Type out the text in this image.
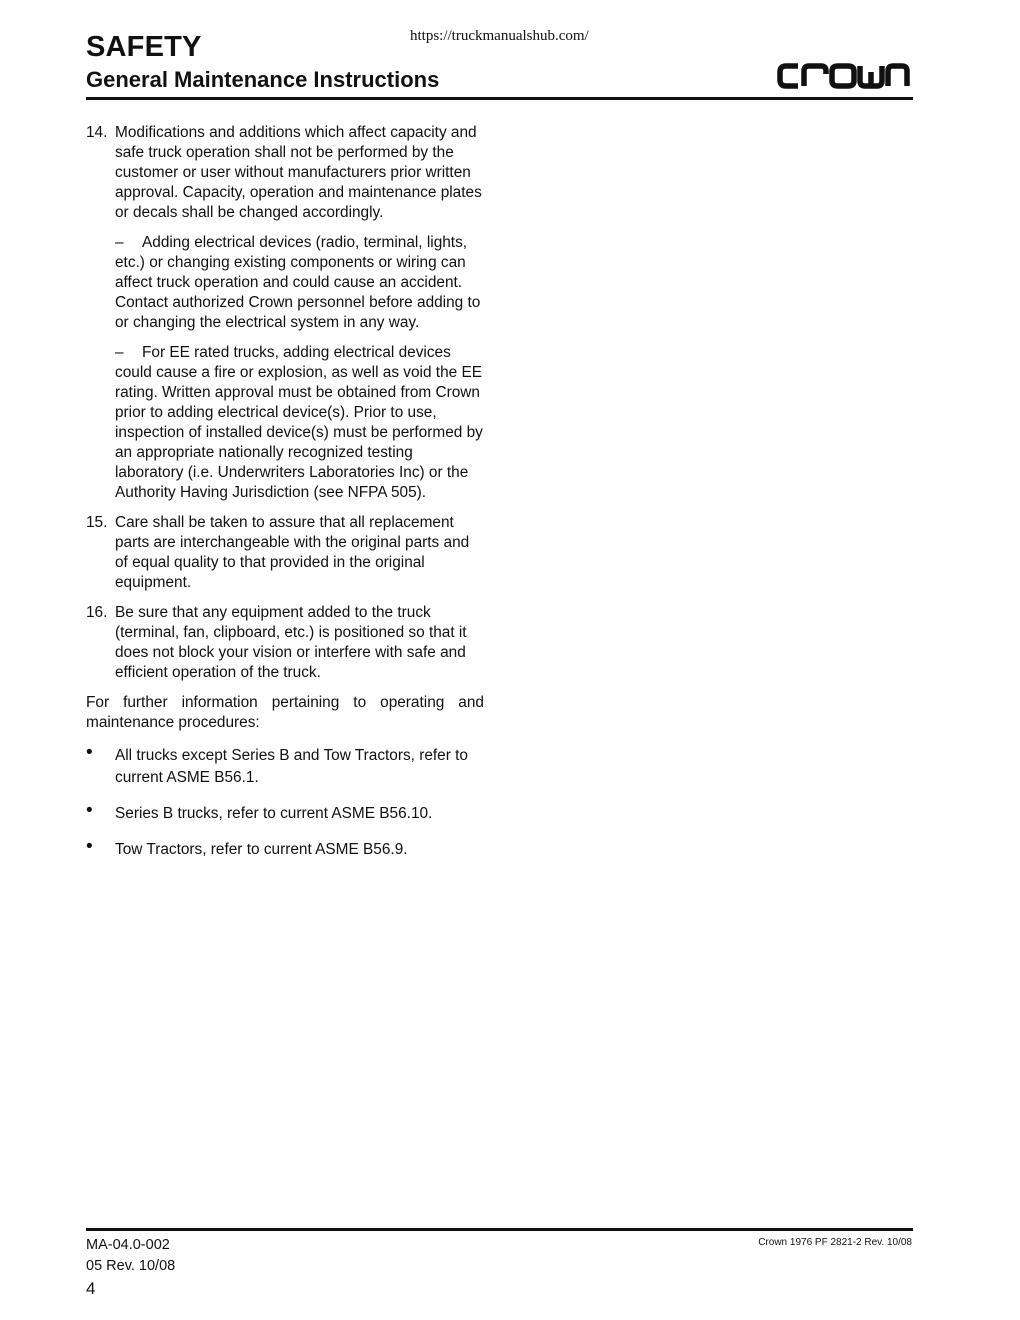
https://truckmanualshub.com/
SAFETY
General Maintenance Instructions
14. Modifications and additions which affect capacity and safe truck operation shall not be performed by the customer or user without manufacturers prior written approval. Capacity, operation and maintenance plates or decals shall be changed accordingly.
– Adding electrical devices (radio, terminal, lights, etc.) or changing existing components or wiring can affect truck operation and could cause an accident. Contact authorized Crown personnel before adding to or changing the electrical system in any way.
– For EE rated trucks, adding electrical devices could cause a fire or explosion, as well as void the EE rating. Written approval must be obtained from Crown prior to adding electrical device(s). Prior to use, inspection of installed device(s) must be performed by an appropriate nationally recognized testing laboratory (i.e. Underwriters Laboratories Inc) or the Authority Having Jurisdiction (see NFPA 505).
15. Care shall be taken to assure that all replacement parts are interchangeable with the original parts and of equal quality to that provided in the original equipment.
16. Be sure that any equipment added to the truck (terminal, fan, clipboard, etc.) is positioned so that it does not block your vision or interfere with safe and efficient operation of the truck.
For further information pertaining to operating and maintenance procedures:
• All trucks except Series B and Tow Tractors, refer to current ASME B56.1.
• Series B trucks, refer to current ASME B56.10.
• Tow Tractors, refer to current ASME B56.9.
MA-04.0-002
05 Rev. 10/08
4
Crown 1976 PF 2821-2 Rev. 10/08
